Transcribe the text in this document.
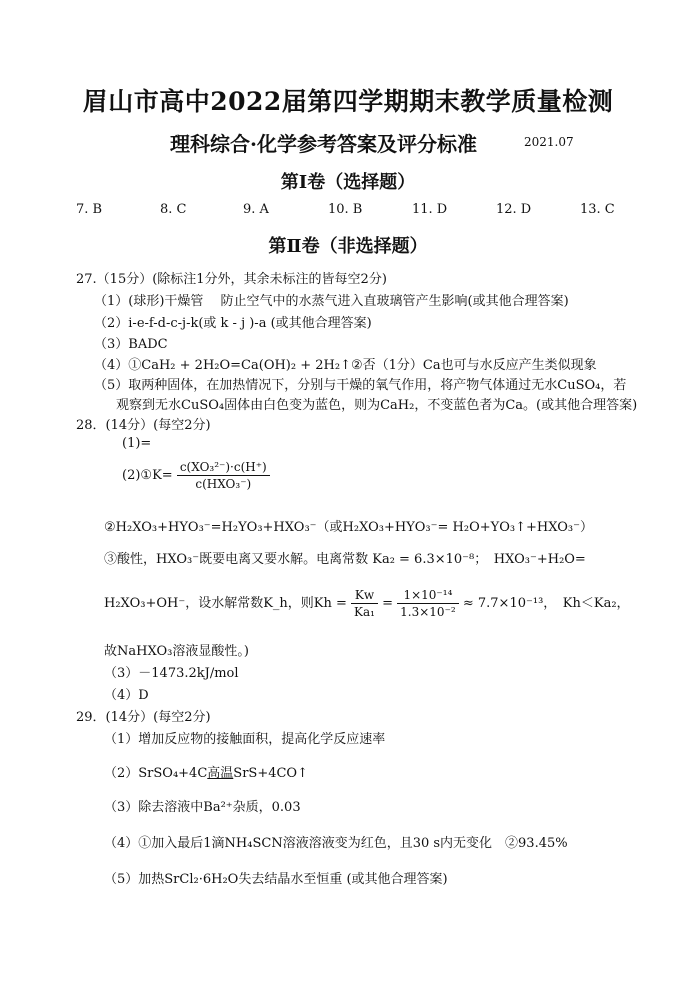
眉山市高中2022届第四学期期末教学质量检测
理科综合·化学参考答案及评分标准	2021.07
第Ⅰ卷（选择题）
7. B	8. C	9. A	10. B	11. D	12. D	13. C
第Ⅱ卷（非选择题）
27.（15分）(除标注1分外，其余未标注的皆每空2分)
（1）(球形)干燥管　 防止空气中的水蒸气进入直玻璃管产生影响(或其他合理答案)
（2）i-e-f-d-c-j-k(或 k - j )-a (或其他合理答案)
（3）BADC
（4）①CaH₂ + 2H₂O=Ca(OH)₂ + 2H₂↑②否（1分）Ca也可与水反应产生类似现象
（5）取两种固体，在加热情况下，分别与干燥的氧气作用，将产物气体通过无水CuSO₄，若
观察到无水CuSO₄固体由白色变为蓝色，则为CaH₂，不变蓝色者为Ca。(或其他合理答案)
28．(14分）(每空2分)
(1)=
(2)①K= $\frac{\text{c(XO₃²⁻)·c(H⁺)}}{\text{c(HXO₃⁻)}}$
②H₂XO₃+HYO₃⁻=H₂YO₃+HXO₃⁻（或H₂XO₃+HYO₃⁻= H₂O+YO₃↑+HXO₃⁻）
③酸性，HXO₃⁻既要电离又要水解。电离常数 Ka₂ = 6.3×10⁻⁸；　HXO₃⁻+H₂O=
H₂XO₃+OH⁻，设水解常数K_h，则$Kh = \frac{Kw}{\text{Ka₁}} = \frac{\text{1×10⁻¹⁴}}{\text{1.3×10⁻²}} \approx 7.7\times 10^{-13}$，　Kh＜Ka₂，
故NaHXO₃溶液显酸性。)
（3）－1473.2kJ/mol
（4）D
29．(14分）(每空2分)
（1）增加反应物的接触面积，提高化学反应速率
（2）SrSO₄+4C高温SrS+4CO↑
（3）除去溶液中Ba²⁺杂质，0.03
（4）①加入最后1滴NH₄SCN溶液溶液变为红色，且30 s内无变化　②93.45%
（5）加热SrCl₂·6H₂O失去结晶水至恒重 (或其他合理答案)
